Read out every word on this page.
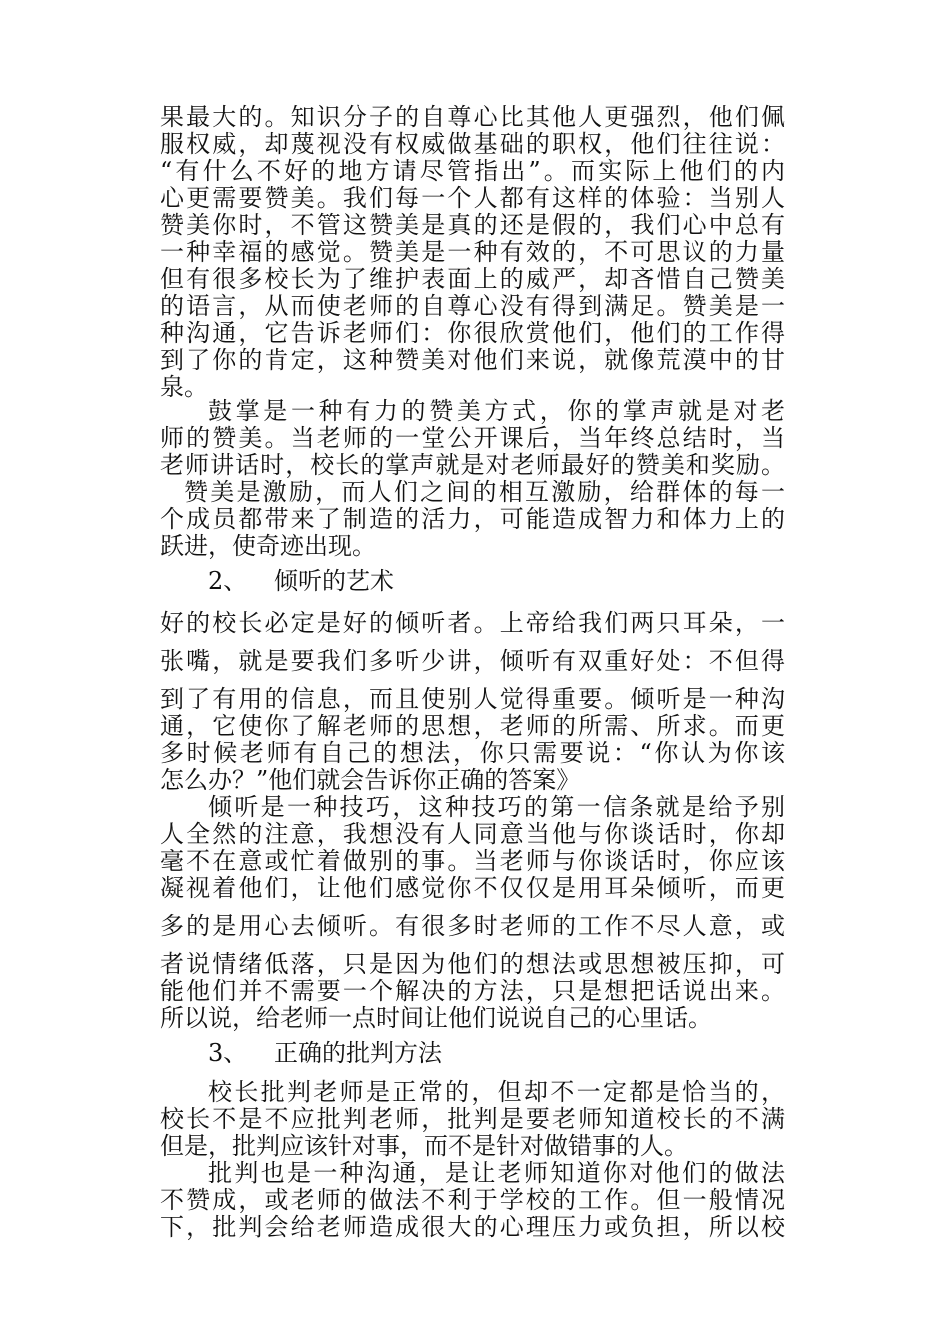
果最大的。知识分子的自尊心比其他人更强烈，他们佩
服权威，却蔑视没有权威做基础的职权，他们往往说：
“有什么不好的地方请尽管指出”。而实际上他们的内
心更需要赞美。我们每一个人都有这样的体验：当别人
赞美你时，不管这赞美是真的还是假的，我们心中总有
一种幸福的感觉。赞美是一种有效的，不可思议的力量
但有很多校长为了维护表面上的威严，却吝惜自己赞美
的语言，从而使老师的自尊心没有得到满足。赞美是一
种沟通，它告诉老师们：你很欣赏他们，他们的工作得
到了你的肯定，这种赞美对他们来说，就像荒漠中的甘
泉。
鼓掌是一种有力的赞美方式，你的掌声就是对老
师的赞美。当老师的一堂公开课后，当年终总结时，当
老师讲话时，校长的掌声就是对老师最好的赞美和奖励。
赞美是激励，而人们之间的相互激励，给群体的每一
个成员都带来了制造的活力，可能造成智力和体力上的
跃进，使奇迹出现。
2、 倾听的艺术
好的校长必定是好的倾听者。上帝给我们两只耳朵，一
张嘴，就是要我们多听少讲，倾听有双重好处：不但得
到了有用的信息，而且使别人觉得重要。倾听是一种沟
通，它使你了解老师的思想，老师的所需、所求。而更
多时候老师有自己的想法，你只需要说：“你认为你该
怎么办？”他们就会告诉你正确的答案》
倾听是一种技巧，这种技巧的第一信条就是给予别
人全然的注意，我想没有人同意当他与你谈话时，你却
毫不在意或忙着做别的事。当老师与你谈话时，你应该
凝视着他们，让他们感觉你不仅仅是用耳朵倾听，而更
多的是用心去倾听。有很多时老师的工作不尽人意，或
者说情绪低落，只是因为他们的想法或思想被压抑，可
能他们并不需要一个解决的方法，只是想把话说出来。
所以说，给老师一点时间让他们说说自己的心里话。
3、 正确的批判方法
校长批判老师是正常的，但却不一定都是恰当的，
校长不是不应批判老师，批判是要老师知道校长的不满
但是，批判应该针对事，而不是针对做错事的人。
批判也是一种沟通，是让老师知道你对他们的做法
不赞成，或老师的做法不利于学校的工作。但一般情况
下，批判会给老师造成很大的心理压力或负担，所以校
